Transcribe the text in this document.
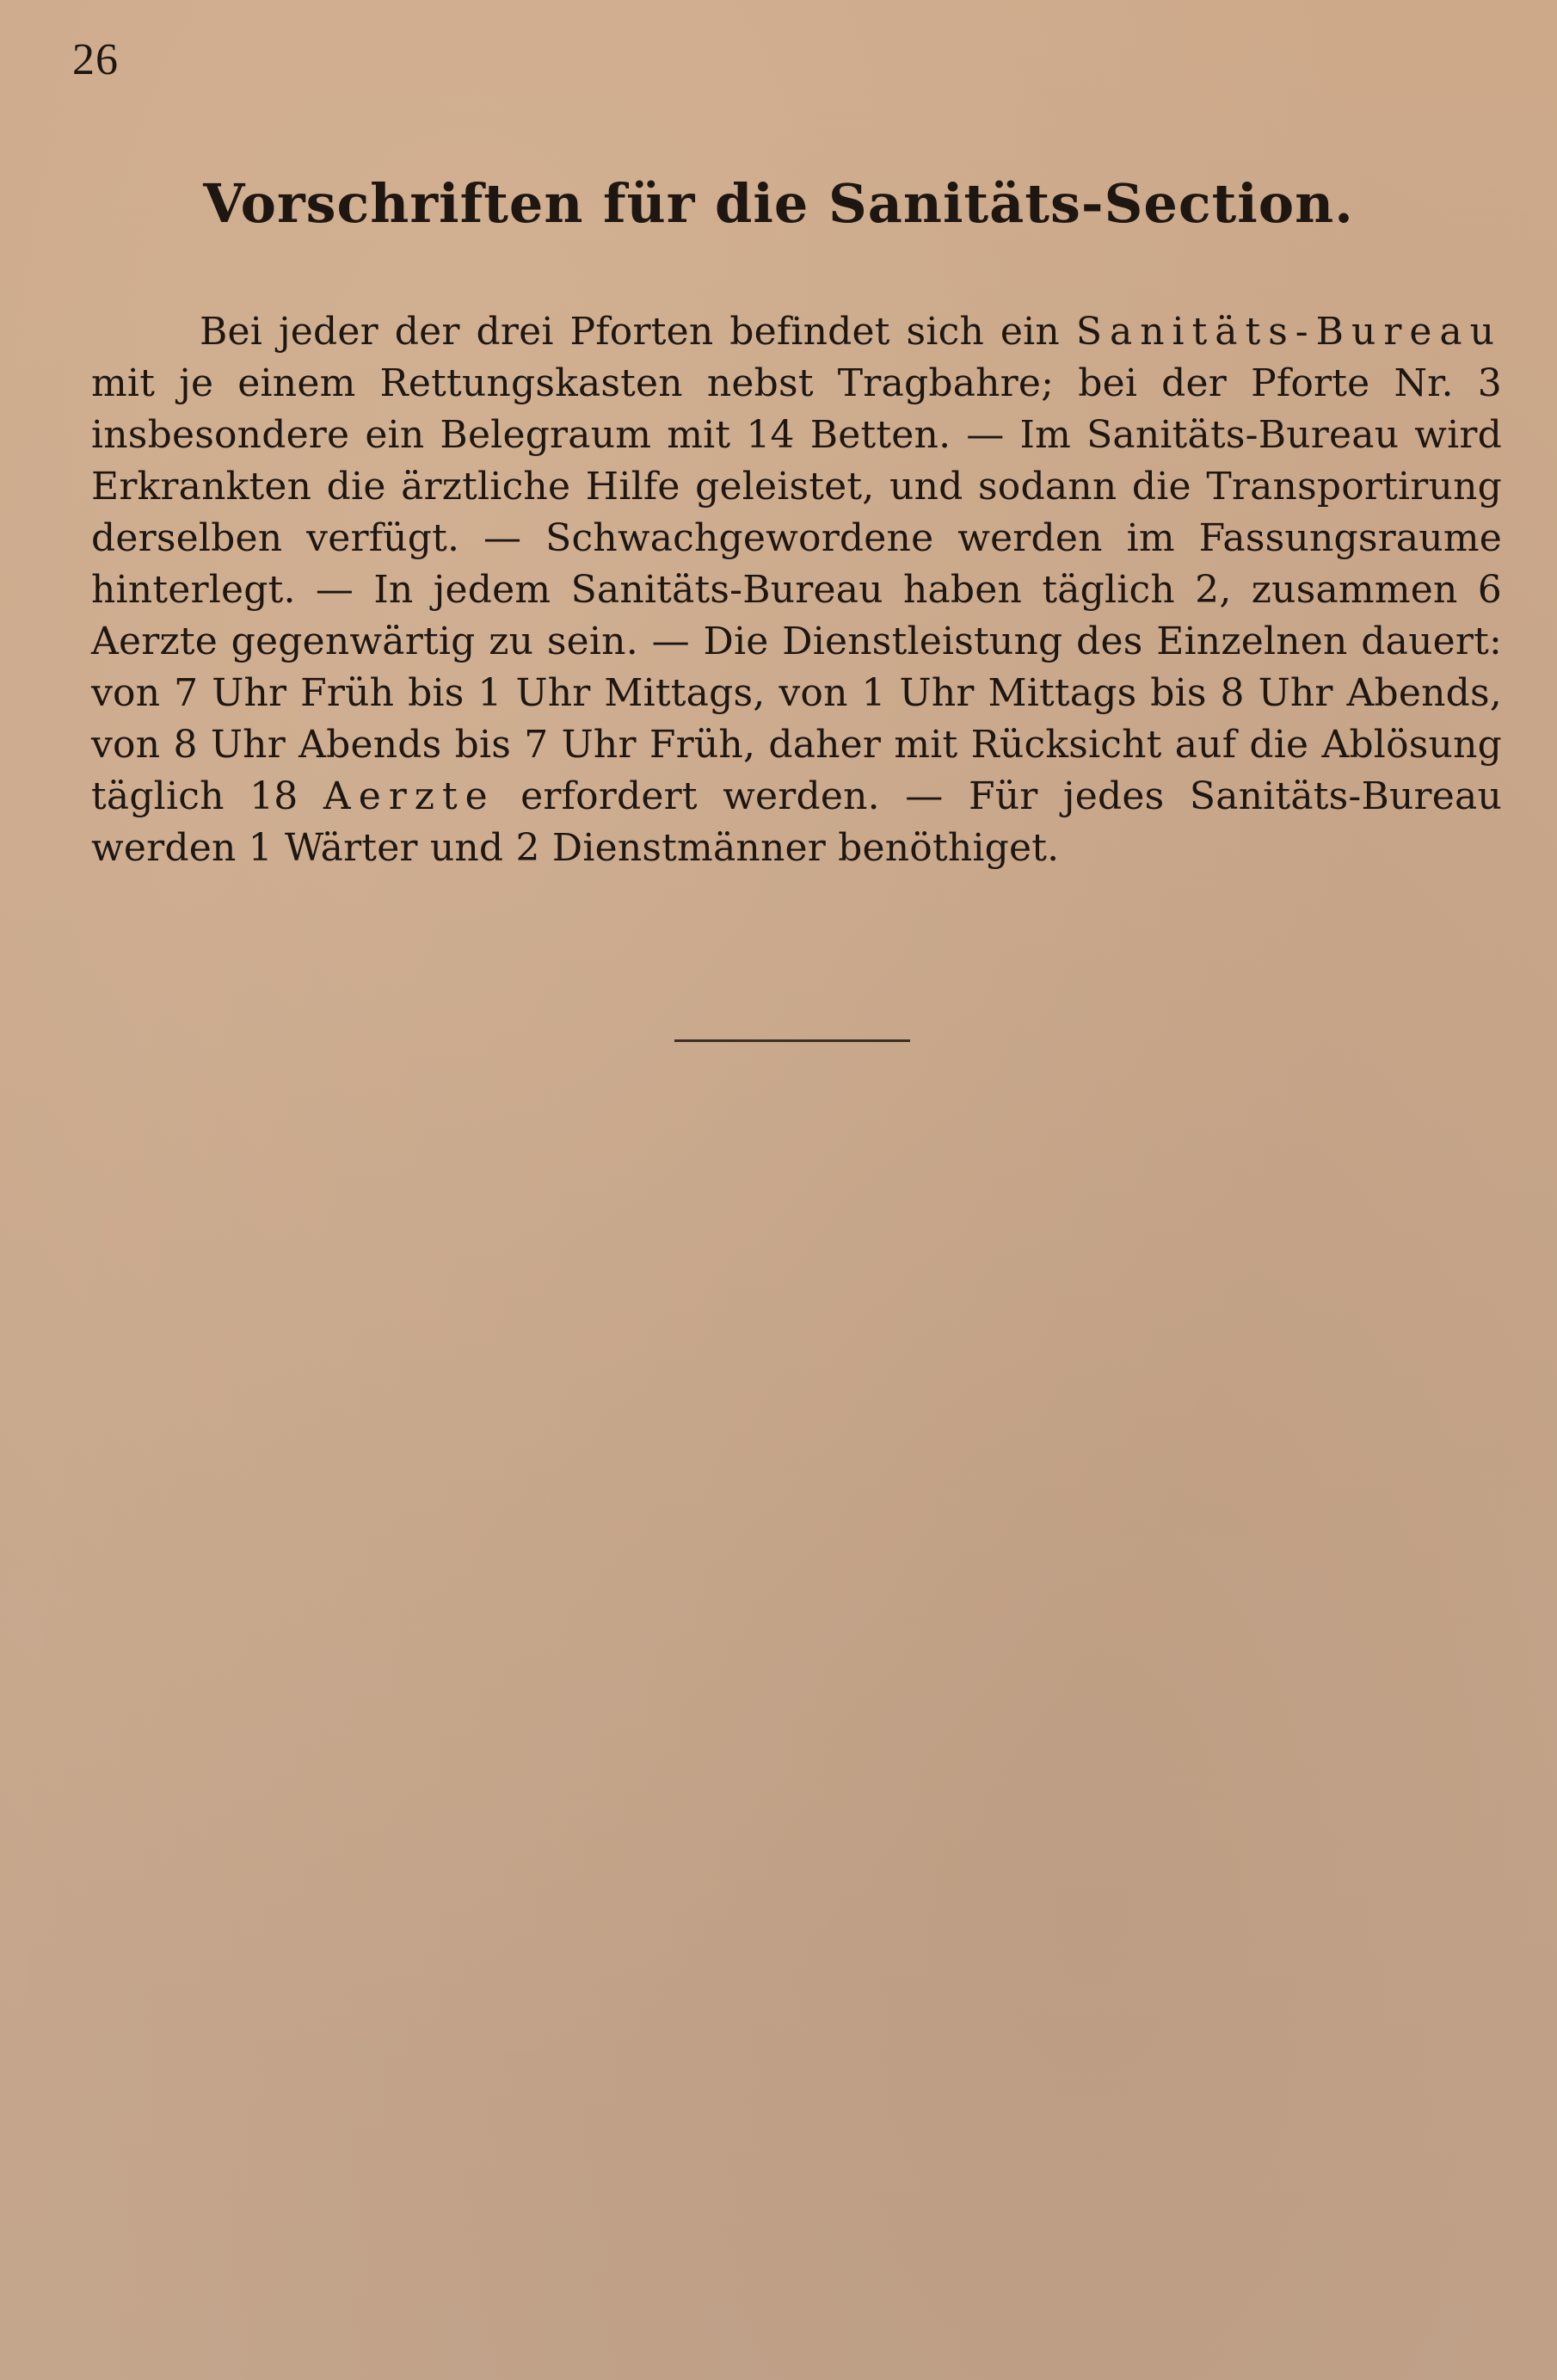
26
Vorschriften für die Sanitäts-Section.

Bei jeder der drei Pforten befindet sich ein Sanitäts-Bureau mit je einem Rettungskasten nebst Tragbahre; bei der Pforte Nr. 3 insbesondere ein Belegraum mit 14 Betten. — Im Sanitäts-Bureau wird Erkrankten die ärztliche Hilfe geleistet, und sodann die Transportirung derselben verfügt. — Schwachgewordene werden im Fassungsraume hinterlegt. — In jedem Sanitäts-Bureau haben täglich 2, zusammen 6 Aerzte gegenwärtig zu sein. — Die Dienstleistung des Einzelnen dauert: von 7 Uhr Früh bis 1 Uhr Mittags, von 1 Uhr Mittags bis 8 Uhr Abends, von 8 Uhr Abends bis 7 Uhr Früh, daher mit Rücksicht auf die Ablösung täglich 18 Aerzte erfordert werden. — Für jedes Sanitäts-Bureau werden 1 Wärter und 2 Dienstmänner benöthiget.
